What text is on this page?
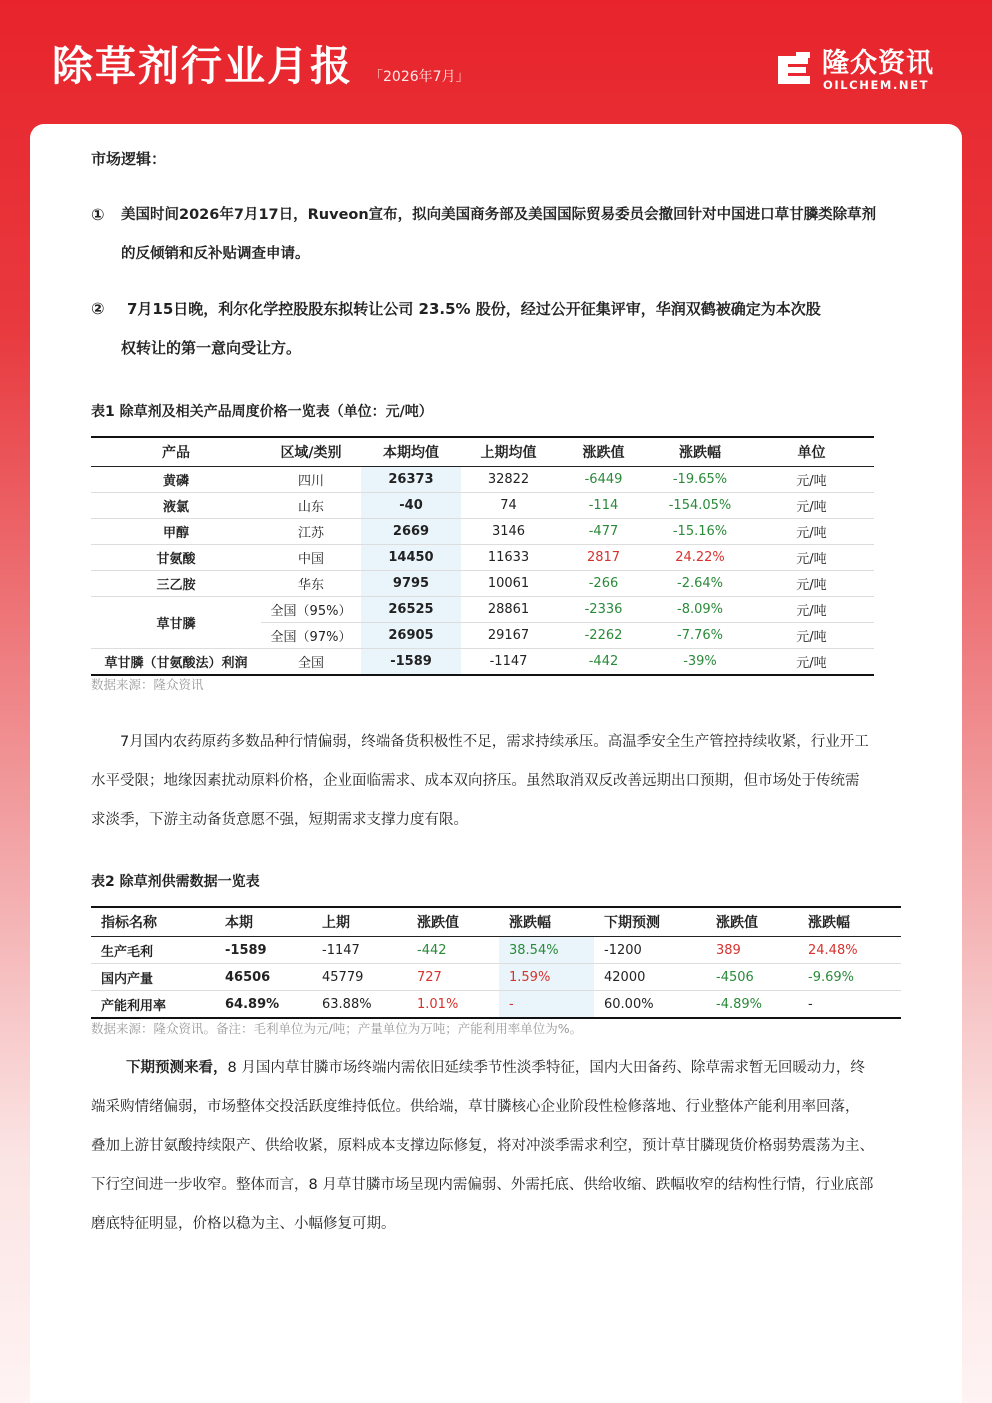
除草剂行业月报 「2026年7月」	隆众资讯
OILCHEM.NET
市场逻辑：
① 美国时间2026年7月17日，Ruveon宣布，拟向美国商务部及美国国际贸易委员会撤回针对中国进口草甘膦类除草剂
的反倾销和反补贴调查申请。
② 7月15日晚，利尔化学控股股东拟转让公司 23.5% 股份，经过公开征集评审，华润双鹤被确定为本次股
权转让的第一意向受让方。
表1 除草剂及相关产品周度价格一览表（单位：元/吨）
产品	区域/类别	本期均值	上期均值	涨跌值	涨跌幅	单位
黄磷	四川	26373	32822	-6449	-19.65%	元/吨
液氯	山东	-40	74	-114	-154.05%	元/吨
甲醇	江苏	2669	3146	-477	-15.16%	元/吨
甘氨酸	中国	14450	11633	2817	24.22%	元/吨
三乙胺	华东	9795	10061	-266	-2.64%	元/吨
草甘膦	全国（95%）	26525	28861	-2336	-8.09%	元/吨
	全国（97%）	26905	29167	-2262	-7.76%	元/吨
草甘膦（甘氨酸法）利润	全国	-1589	-1147	-442	-39%	元/吨
数据来源：隆众资讯
7月国内农药原药多数品种行情偏弱，终端备货积极性不足，需求持续承压。高温季安全生产管控持续收紧，行业开工
水平受限；地缘因素扰动原料价格，企业面临需求、成本双向挤压。虽然取消双反改善远期出口预期，但市场处于传统需
求淡季，下游主动备货意愿不强，短期需求支撑力度有限。
表2 除草剂供需数据一览表
指标名称	本期	上期	涨跌值	涨跌幅	下期预测	涨跌值	涨跌幅
生产毛利	-1589	-1147	-442	38.54%	-1200	389	24.48%
国内产量	46506	45779	727	1.59%	42000	-4506	-9.69%
产能利用率	64.89%	63.88%	1.01%	-	60.00%	-4.89%	-
数据来源：隆众资讯。备注：毛利单位为元/吨；产量单位为万吨；产能利用率单位为%。
下期预测来看，8 月国内草甘膦市场终端内需依旧延续季节性淡季特征，国内大田备药、除草需求暂无回暖动力，终
端采购情绪偏弱，市场整体交投活跃度维持低位。供给端，草甘膦核心企业阶段性检修落地、行业整体产能利用率回落，
叠加上游甘氨酸持续限产、供给收紧，原料成本支撑边际修复，将对冲淡季需求利空，预计草甘膦现货价格弱势震荡为主、
下行空间进一步收窄。整体而言，8 月草甘膦市场呈现内需偏弱、外需托底、供给收缩、跌幅收窄的结构性行情，行业底部
磨底特征明显，价格以稳为主、小幅修复可期。
